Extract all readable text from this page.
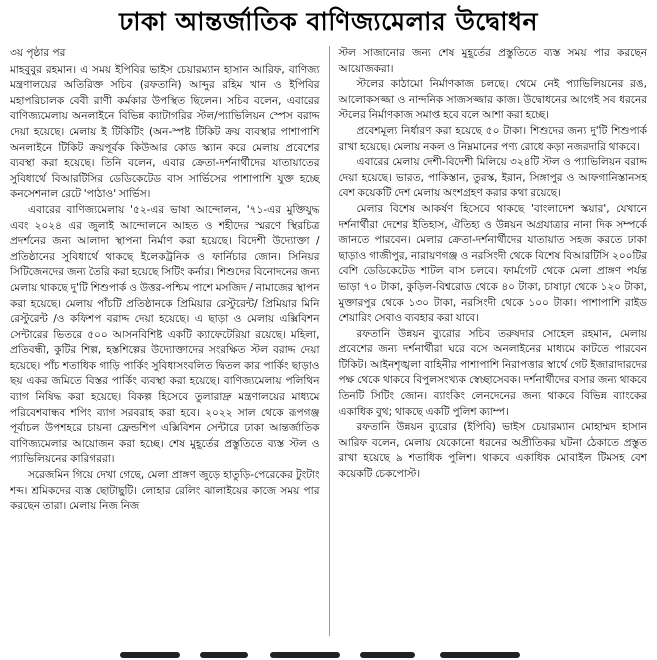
ঢাকা আন্তর্জাতিক বাণিজ্যমেলার উদ্বোধন

৩য় পৃষ্ঠার পর

মাহবুবুর রহমান। এ সময় ইপিবির ভাইস চেয়ারম্যান হাসান আরিফ, বাণিজ্য মন্ত্রণালয়ের অতিরিক্ত সচিব (রফতানি) আব্দুর রহিম খান ও ইপিবির মহাপরিচালক বেবী রাণী কর্মকার উপস্থিত ছিলেন। সচিব বলেন, এবারের বাণিজ্যমেলায় অনলাইনে বিভিন্ন ক্যাটাগরির স্টল/প্যাভিলিয়ন স্পেস বরাদ্দ দেয়া হয়েছে। মেলায় ই টিকিটিং (অন-স্পষ্ট টিকিট ক্রয় ব্যবস্থার পাশাপাশি অনলাইনে টিকিট ক্রয়পূর্বক কিউআর কোড স্ক্যান করে মেলায় প্রবেশের ব্যবস্থা করা হয়েছে। তিনি বলেন, এবার ক্রেতা-দর্শনার্থীদের যাতায়াতের সুবিধার্থে বিআরটিসির ডেডিকেটেড বাস সার্ভিসের পাশাপাশি যুক্ত হচ্ছে কনসেশনাল রেটে 'পাঠাও' সার্ভিস।

এবারের বাণিজ্যমেলায় '৫২-এর ভাষা আন্দোলন, '৭১-এর মুক্তিযুদ্ধ এবং ২০২৪ এর জুলাই আন্দোলনে আহত ও শহীদের স্মরণে স্থিরচিত্র প্রদর্শনের জন্য আলাদা স্থাপনা নির্মাণ করা হয়েছে। বিদেশী উদ্যোক্তা / প্রতিষ্ঠানের সুবিধার্থে থাকছে ইলেকট্রনিক ও ফার্নিচার জোন। সিনিয়র সিটিজেনদের জন্য তৈরি করা হয়েছে সিটিং কর্নার। শিশুদের বিনোদনের জন্য মেলায় থাকছে দু'টি শিশুপার্ক ও উত্তর-পশ্চিম পাশে মসজিদ / নামাজের স্থাপন করা হয়েছে। মেলায় পাঁচটি প্রতিষ্ঠানকে প্রিমিয়ার রেস্টুরেন্ট/ প্রিমিয়ার মিনি রেস্টুরেন্ট /ও কফিশপ বরাদ্দ দেয়া হয়েছে। এ ছাড়া ও মেলায় এক্সিবিশন সেন্টারের ভিতরে ৫০০ আসনবিশিষ্ট একটি ক্যাফেটেরিয়া রয়েছে। মহিলা, প্রতিবন্ধী, কুটির শিল্প, হস্তশিল্পের উদ্যোক্তাদের সংরক্ষিত স্টল বরাদ্দ দেয়া হয়েছে। পাঁচ শতাধিক গাড়ি পার্কিং সুবিধাসংবলিত দ্বিতল কার পার্কিং ছাড়াও ছয় একর জমিতে বিস্তর পার্কিং ব্যবস্থা করা হয়েছে। বাণিজ্যমেলায় পলিথিন ব্যাগ নিষিদ্ধ করা হয়েছে। বিকল্প হিসেবে তুলারাদ্রু মন্ত্রণালয়ের মাধ্যমে পরিবেশবান্ধব শপিং ব্যাগ সরবরাহ করা হবে। ২০২২ সাল থেকে রূপগঞ্জ পূর্বাচল উপশহরে চায়না ফ্রেন্ডশিপ এক্সিবিশন সেন্টারে ঢাকা আন্তর্জাতিক বাণিজ্যমেলার আয়োজন করা হচ্ছে। শেষ মুহূর্তের প্রস্তুতিতে ব্যস্ত স্টল ও প্যাভিলিয়নের কারিগররা।

সরেজমিন গিয়ে দেখা গেছে, মেলা প্রাঙ্গণ জুড়ে হাতুড়ি-পেরেকের টুংটাং শব্দ। শ্রমিকদের ব্যস্ত ছোটাছুটি। লোহার রেলিং ঝালাইয়ের কাজে সময় পার করছেন তারা। মেলায় নিজ নিজ

স্টল সাজানোর জন্য শেষ মুহূর্তের প্রস্তুতিতে ব্যস্ত সময় পার করছেন আয়োজকরা।

স্টলের কাঠামো নির্মাণকাজ চলছে। থেমে নেই প্যাভিলিয়নের রঙ, আলোকসজ্জা ও নান্দনিক সাজসজ্জার কাজ। উদ্বোধনের আগেই সব ধরনের স্টলের নির্মাণকাজ সমাপ্ত হবে বলে আশা করা হচ্ছে।

প্রবেশমূল্য নির্ধারণ করা হয়েছে ৫০ টাকা। শিশুদের জন্য দু'টি শিশুপার্ক রাখা হয়েছে। মেলায় নকল ও নিম্নমানের পণ্য রোধে কড়া নজরদারি থাকবে।

এবারের মেলায় দেশী-বিদেশী মিলিয়ে ৩২৪টি স্টল ও প্যাভিলিয়ন বরাদ্দ দেয়া হয়েছে। ভারত, পাকিস্তান, তুরস্ক, ইরান, সিঙ্গাপুর ও আফগানিস্তানসহ বেশ কয়েকটি দেশ মেলায় অংশগ্রহণ করার কথা রয়েছে।

মেলার বিশেষ আকর্ষণ হিসেবে থাকছে 'বাংলাদেশ স্কয়ার', যেখানে দর্শনার্থীরা দেশের ইতিহাস, ঐতিহ্য ও উন্নয়ন অগ্রযাত্রার নানা দিক সম্পর্কে জানতে পারবেন। মেলার ক্রেতা-দর্শনার্থীদের যাতায়াত সহজ করতে ঢাকা ছাড়াও গাজীপুর, নারায়ণগঞ্জ ও নরসিংদী থেকে বিশেষ বিআরটিসি ২০০টির বেশি ডেডিকেটেড শাটল বাস চলবে। ফার্মগেট থেকে মেলা প্রাঙ্গণ পর্যন্ত ভাড়া ৭০ টাকা, কুড়িল-বিশ্বরোড থেকে ৪০ টাকা, চাষাঢ়া থেকে ১২০ টাকা, মুক্তারপুর থেকে ১৩০ টাকা, নরসিংদী থেকে ১০০ টাকা। পাশাপাশি রাইড শেয়ারিং সেবাও ব্যবহার করা যাবে।

রফতানি উন্নয়ন ব্যুরোর সচিব তরুষদার সোহেল রহমান, মেলায় প্রবেশের জন্য দর্শনার্থীরা ঘরে বসে অনলাইনের মাধ্যমে কাটতে পারবেন টিকিট। আইনশৃঙ্খলা বাহিনীর পাশাপাশি নিরাপত্তার স্বার্থে গেট ইজারাদারদের পক্ষ থেকে থাকবে বিপুলসংখ্যক স্বেচ্ছাসেবক। দর্শনার্থীদের বসার জন্য থাকবে তিনটি সিটিং জোন। ব্যাংকিং লেনদেনের জন্য থাকবে বিভিন্ন ব্যাংকের একাধিক বুথ; থাকছে একটি পুলিশ ক্যাম্প।

রফতানি উন্নয়ন ব্যুরোর (ইপিবি) ভাইস চেয়ারম্যান মোহাম্মদ হাসান আরিফ বলেন, মেলায় যেকোনো ধরনের অপ্রীতিকর ঘটনা ঠেকাতে প্রস্তুত রাখা হয়েছে ৯ শতাধিক পুলিশ। থাকবে একাধিক মোবাইল টিমসহ বেশ কয়েকটি চেকপোস্ট।
